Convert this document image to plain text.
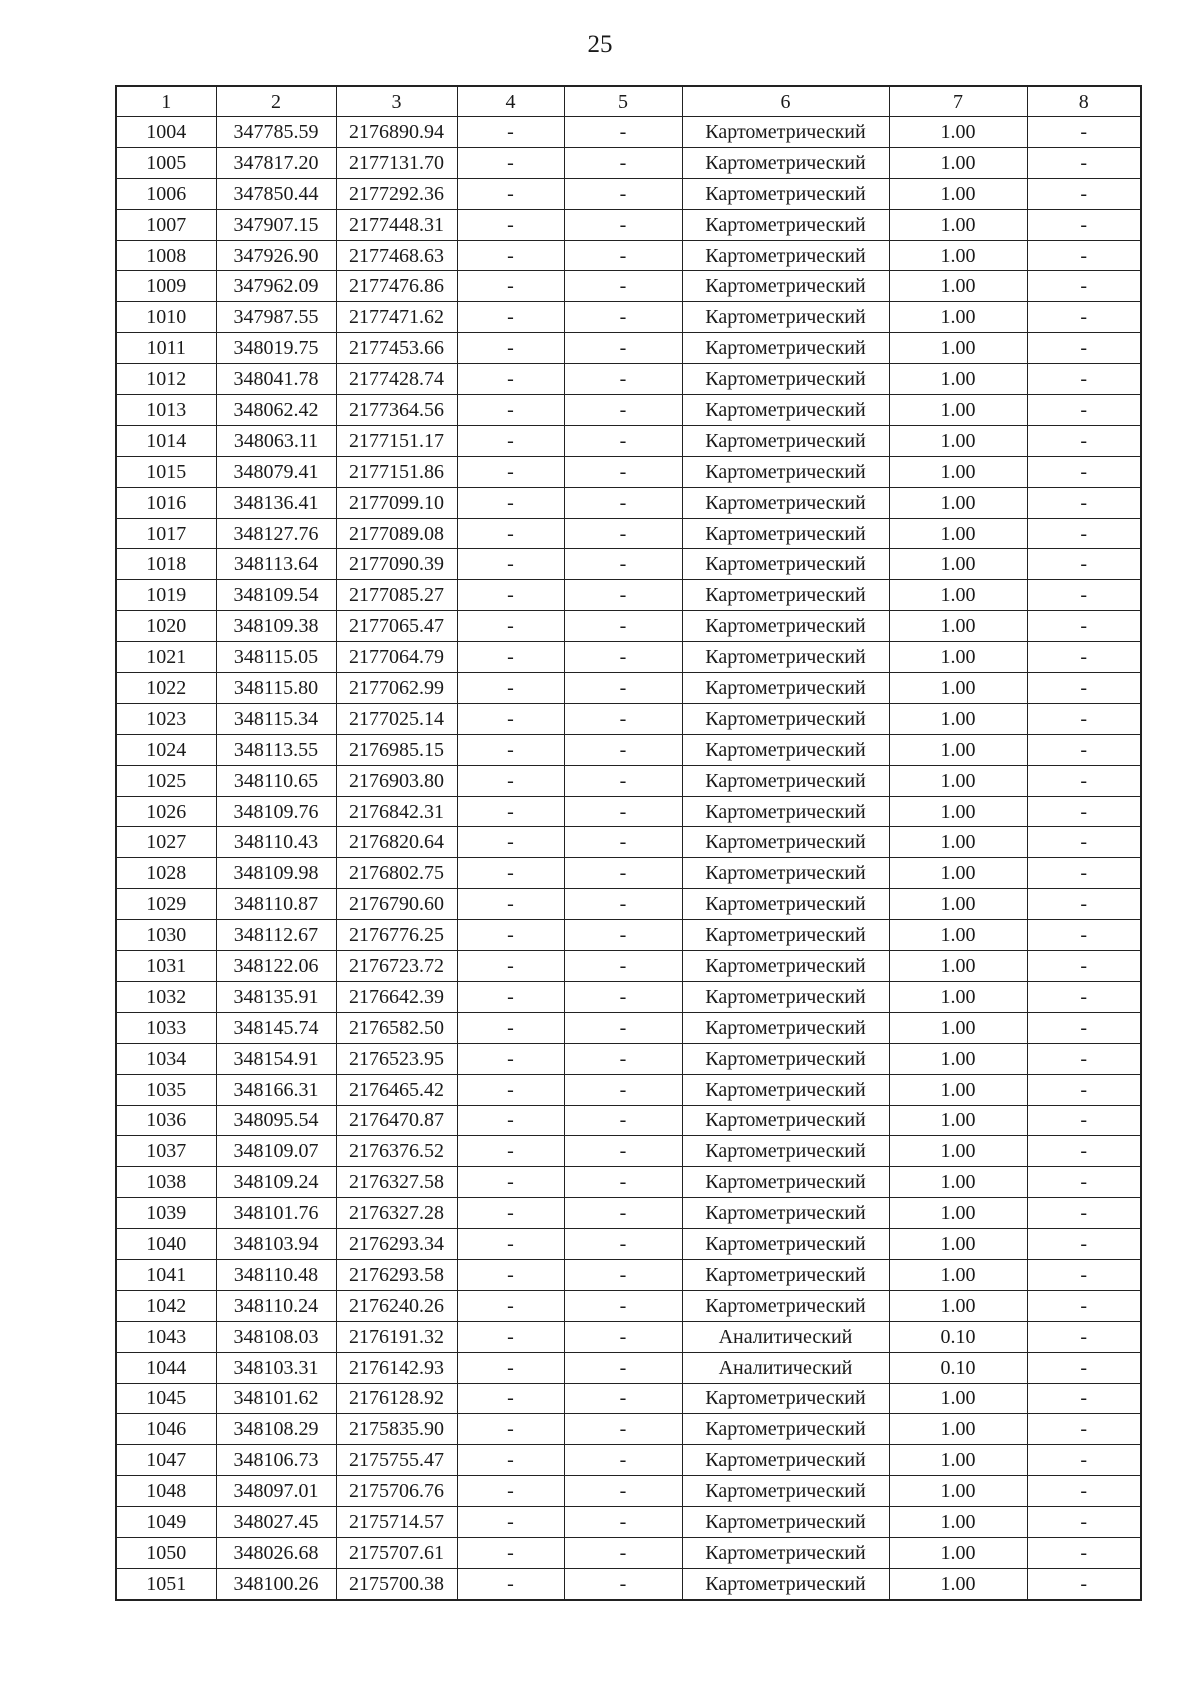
25
1	2	3	4	5	6	7	8
1004	347785.59	2176890.94	-	-	Картометрический	1.00	-
1005	347817.20	2177131.70	-	-	Картометрический	1.00	-
1006	347850.44	2177292.36	-	-	Картометрический	1.00	-
1007	347907.15	2177448.31	-	-	Картометрический	1.00	-
1008	347926.90	2177468.63	-	-	Картометрический	1.00	-
1009	347962.09	2177476.86	-	-	Картометрический	1.00	-
1010	347987.55	2177471.62	-	-	Картометрический	1.00	-
1011	348019.75	2177453.66	-	-	Картометрический	1.00	-
1012	348041.78	2177428.74	-	-	Картометрический	1.00	-
1013	348062.42	2177364.56	-	-	Картометрический	1.00	-
1014	348063.11	2177151.17	-	-	Картометрический	1.00	-
1015	348079.41	2177151.86	-	-	Картометрический	1.00	-
1016	348136.41	2177099.10	-	-	Картометрический	1.00	-
1017	348127.76	2177089.08	-	-	Картометрический	1.00	-
1018	348113.64	2177090.39	-	-	Картометрический	1.00	-
1019	348109.54	2177085.27	-	-	Картометрический	1.00	-
1020	348109.38	2177065.47	-	-	Картометрический	1.00	-
1021	348115.05	2177064.79	-	-	Картометрический	1.00	-
1022	348115.80	2177062.99	-	-	Картометрический	1.00	-
1023	348115.34	2177025.14	-	-	Картометрический	1.00	-
1024	348113.55	2176985.15	-	-	Картометрический	1.00	-
1025	348110.65	2176903.80	-	-	Картометрический	1.00	-
1026	348109.76	2176842.31	-	-	Картометрический	1.00	-
1027	348110.43	2176820.64	-	-	Картометрический	1.00	-
1028	348109.98	2176802.75	-	-	Картометрический	1.00	-
1029	348110.87	2176790.60	-	-	Картометрический	1.00	-
1030	348112.67	2176776.25	-	-	Картометрический	1.00	-
1031	348122.06	2176723.72	-	-	Картометрический	1.00	-
1032	348135.91	2176642.39	-	-	Картометрический	1.00	-
1033	348145.74	2176582.50	-	-	Картометрический	1.00	-
1034	348154.91	2176523.95	-	-	Картометрический	1.00	-
1035	348166.31	2176465.42	-	-	Картометрический	1.00	-
1036	348095.54	2176470.87	-	-	Картометрический	1.00	-
1037	348109.07	2176376.52	-	-	Картометрический	1.00	-
1038	348109.24	2176327.58	-	-	Картометрический	1.00	-
1039	348101.76	2176327.28	-	-	Картометрический	1.00	-
1040	348103.94	2176293.34	-	-	Картометрический	1.00	-
1041	348110.48	2176293.58	-	-	Картометрический	1.00	-
1042	348110.24	2176240.26	-	-	Картометрический	1.00	-
1043	348108.03	2176191.32	-	-	Аналитический	0.10	-
1044	348103.31	2176142.93	-	-	Аналитический	0.10	-
1045	348101.62	2176128.92	-	-	Картометрический	1.00	-
1046	348108.29	2175835.90	-	-	Картометрический	1.00	-
1047	348106.73	2175755.47	-	-	Картометрический	1.00	-
1048	348097.01	2175706.76	-	-	Картометрический	1.00	-
1049	348027.45	2175714.57	-	-	Картометрический	1.00	-
1050	348026.68	2175707.61	-	-	Картометрический	1.00	-
1051	348100.26	2175700.38	-	-	Картометрический	1.00	-
